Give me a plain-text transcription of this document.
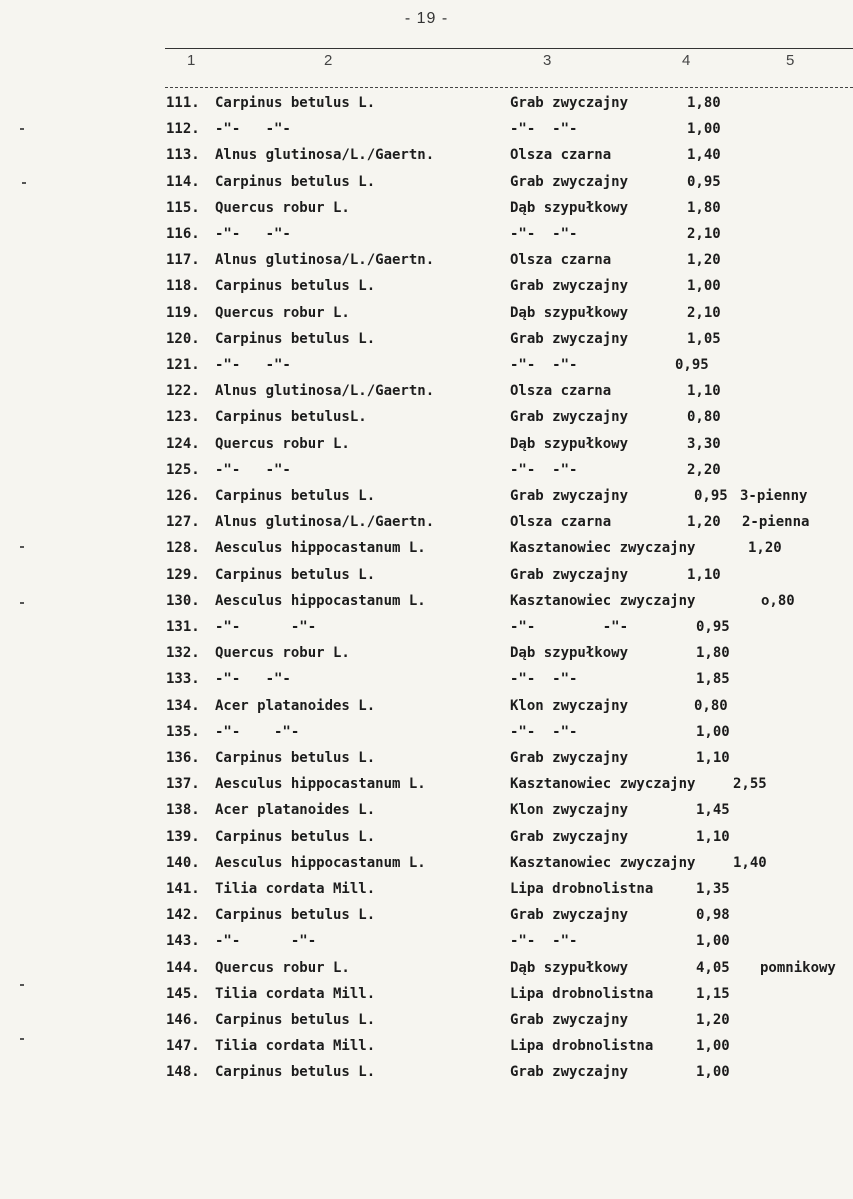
- 19 -
1	2	3	4	5
111.	Carpinus betulus L.	Grab zwyczajny	1,80
112.	-"-   -"-	-"-  -"-	1,00
113.	Alnus glutinosa/L./Gaertn.	Olsza czarna	1,40
114.	Carpinus betulus L.	Grab zwyczajny	0,95
115.	Quercus robur L.	Dąb szypułkowy	1,80
116.	-"-   -"-	-"-  -"-	2,10
117.	Alnus glutinosa/L./Gaertn.	Olsza czarna	1,20
118.	Carpinus betulus L.	Grab zwyczajny	1,00
119.	Quercus robur L.	Dąb szypułkowy	2,10
120.	Carpinus betulus L.	Grab zwyczajny	1,05
121.	-"-   -"-	-"-  -"-	0,95
122.	Alnus glutinosa/L./Gaertn.	Olsza czarna	1,10
123.	Carpinus betulusL.	Grab zwyczajny	0,80
124.	Quercus robur L.	Dąb szypułkowy	3,30
125.	-"-   -"-	-"-  -"-	2,20
126.	Carpinus betulus L.	Grab zwyczajny	0,95 3-pienny
127.	Alnus glutinosa/L./Gaertn.	Olsza czarna	1,20	2-pienna
128.	Aesculus hippocastanum L.	Kasztanowiec zwyczajny	1,20
129.	Carpinus betulus L.	Grab zwyczajny	1,10
130.	Aesculus hippocastanum L.	Kasztanowiec zwyczajny	o,80
131.	-"-      -"-	-"-        -"-	0,95
132.	Quercus robur L.	Dąb szypułkowy	1,80
133.	-"-   -"-	-"-  -"-	1,85
134.	Acer platanoides L.	Klon zwyczajny	0,80
135.	-"-    -"-	-"-  -"-	1,00
136.	Carpinus betulus L.	Grab zwyczajny	1,10
137.	Aesculus hippocastanum L.	Kasztanowiec zwyczajny	2,55
138.	Acer platanoides L.	Klon zwyczajny	1,45
139.	Carpinus betulus L.	Grab zwyczajny	1,10
140.	Aesculus hippocastanum L.	Kasztanowiec zwyczajny	1,40
141.	Tilia cordata Mill.	Lipa drobnolistna	1,35
142.	Carpinus betulus L.	Grab zwyczajny	0,98
143.	-"-      -"-	-"-  -"-	1,00
144.	Quercus robur L.	Dąb szypułkowy	4,05	pomnikowy
145.	Tilia cordata Mill.	Lipa drobnolistna	1,15
146.	Carpinus betulus L.	Grab zwyczajny	1,20
147.	Tilia cordata Mill.	Lipa drobnolistna	1,00
148.	Carpinus betulus L.	Grab zwyczajny	1,00
